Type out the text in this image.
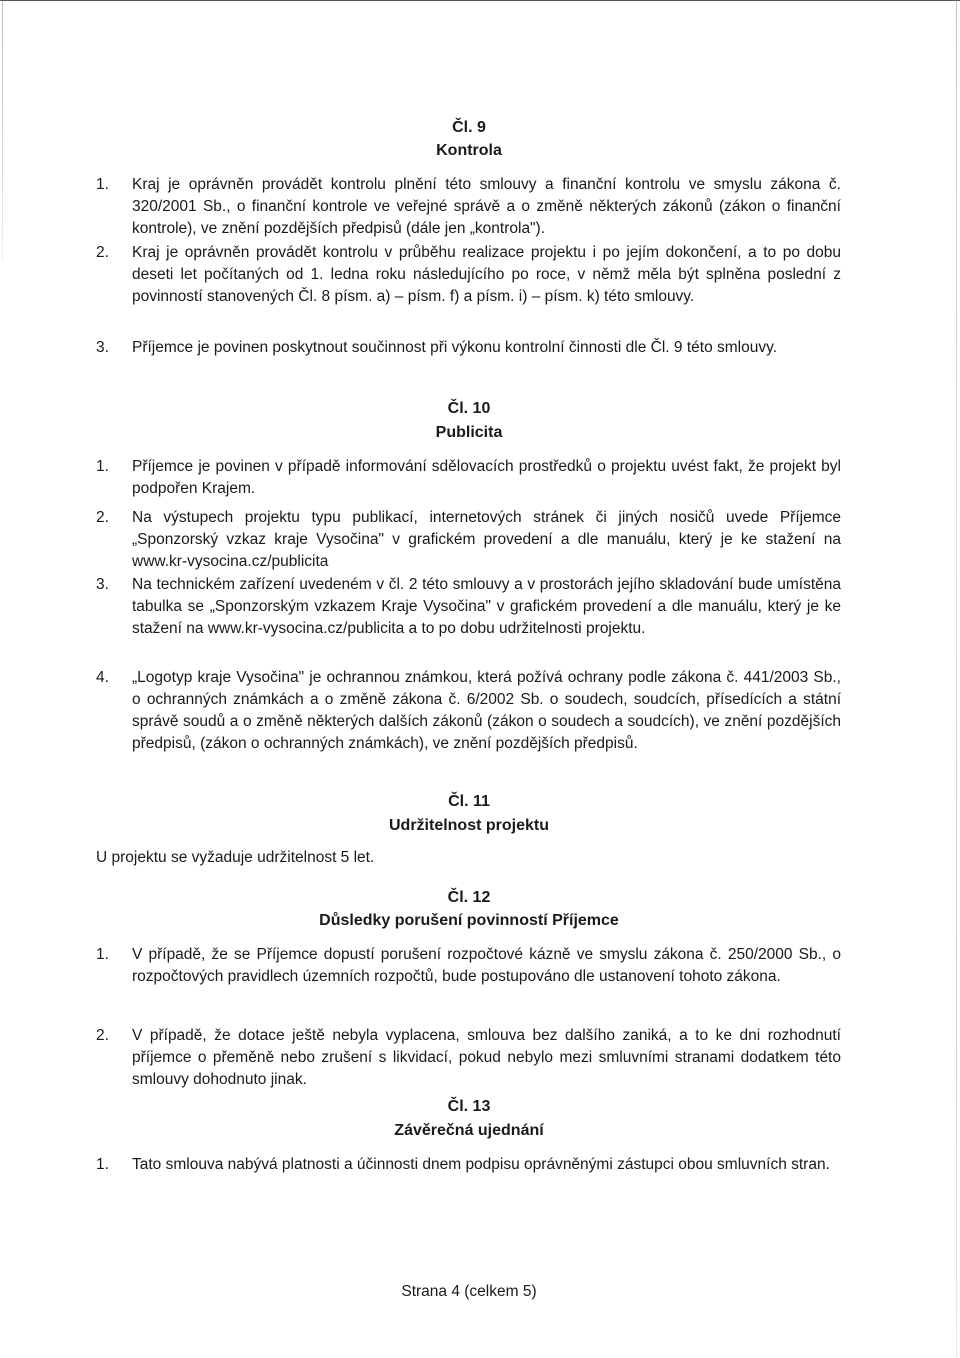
Čl. 9
Kontrola
1.	Kraj je oprávněn provádět kontrolu plnění této smlouvy a finanční kontrolu ve smyslu zákona č. 320/2001 Sb., o finanční kontrole ve veřejné správě a o změně některých zákonů (zákon o finanční kontrole), ve znění pozdějších předpisů (dále jen „kontrola").
2.	Kraj je oprávněn provádět kontrolu v průběhu realizace projektu i po jejím dokončení, a to po dobu deseti let počítaných od 1. ledna roku následujícího po roce, v němž měla být splněna poslední z povinností stanovených Čl. 8 písm. a) – písm. f) a písm. i) – písm. k) této smlouvy.
3.	Příjemce je povinen poskytnout součinnost při výkonu kontrolní činnosti dle Čl. 9 této smlouvy.
Čl. 10
Publicita
1.	Příjemce je povinen v případě informování sdělovacích prostředků o projektu uvést fakt, že projekt byl podpořen Krajem.
2.	Na výstupech projektu typu publikací, internetových stránek či jiných nosičů uvede Příjemce „Sponzorský vzkaz kraje Vysočina" v grafickém provedení a dle manuálu, který je ke stažení na www.kr-vysocina.cz/publicita
3.	Na technickém zařízení uvedeném v čl. 2 této smlouvy a v prostorách jejího skladování bude umístěna tabulka se „Sponzorským vzkazem Kraje Vysočina" v grafickém provedení a dle manuálu, který je ke stažení na www.kr-vysocina.cz/publicita a to po dobu udržitelnosti projektu.
4.	„Logotyp kraje Vysočina" je ochrannou známkou, která požívá ochrany podle zákona č. 441/2003 Sb., o ochranných známkách a o změně zákona č. 6/2002 Sb. o soudech, soudcích, přísedících a státní správě soudů a o změně některých dalších zákonů (zákon o soudech a soudcích), ve znění pozdějších předpisů, (zákon o ochranných známkách), ve znění pozdějších předpisů.
Čl. 11
Udržitelnost projektu
U projektu se vyžaduje udržitelnost 5 let.
Čl. 12
Důsledky porušení povinností Příjemce
1.	V případě, že se Příjemce dopustí porušení rozpočtové kázně ve smyslu zákona č. 250/2000 Sb., o rozpočtových pravidlech územních rozpočtů, bude postupováno dle ustanovení tohoto zákona.
2.	V případě, že dotace ještě nebyla vyplacena, smlouva bez dalšího zaniká, a to ke dni rozhodnutí příjemce o přeměně nebo zrušení s likvidací, pokud nebylo mezi smluvními stranami dodatkem této smlouvy dohodnuto jinak.
Čl. 13
Závěrečná ujednání
1.	Tato smlouva nabývá platnosti a účinnosti dnem podpisu oprávněnými zástupci obou smluvních stran.
Strana 4 (celkem 5)
